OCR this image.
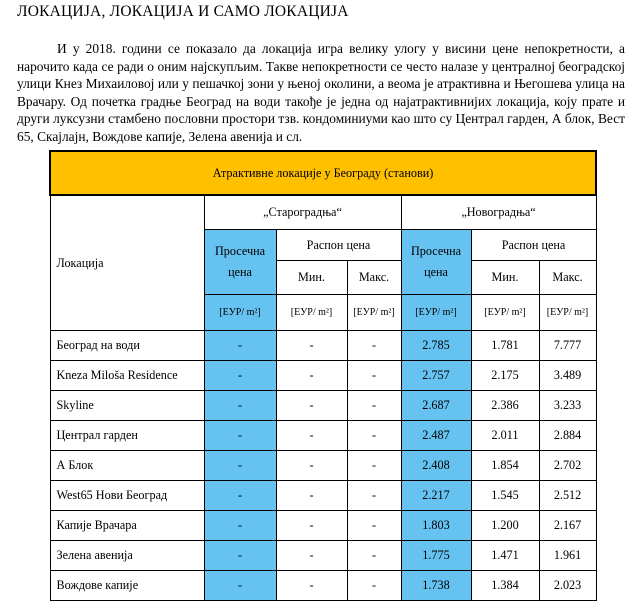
ЛОКАЦИЈА, ЛОКАЦИЈА И САМО ЛОКАЦИЈА
И у 2018. години се показало да локација игра велику улогу у висини цене непокретности, а нарочито када се ради о оним најскупљим. Такве непокретности се често налазе у централној београдској улици Кнез Михаиловој или у пешачкој зони у њеној околини, а веома је атрактивна и Његошева улица на Врачару. Од почетка градње Београд на води такође је једна од најатрактивнијих локација, коју прате и други луксузни стамбено пословни простори тзв. кондоминиуми као што су Централ гарден, А блок, Вест 65, Скајлајн, Вождове капије, Зелена авенија и сл.
Атрактивне локације у Београду (станови)						
Локација	„Староградња“			„Новоградња“		
	Просечна цена	Распон цена		Просечна цена	Распон цена	
		Мин.	Макс.		Мин.	Макс.
	[ЕУР/ m²]	[ЕУР/ m²]	[ЕУР/ m²]	[ЕУР/ m²]	[ЕУР/ m²]	[ЕУР/ m²]
Београд на води	-	-	-	2.785	1.781	7.777
Kneza Miloša Residence	-	-	-	2.757	2.175	3.489
Skyline	-	-	-	2.687	2.386	3.233
Централ гарден	-	-	-	2.487	2.011	2.884
А Блок	-	-	-	2.408	1.854	2.702
West65 Нови Београд	-	-	-	2.217	1.545	2.512
Капије Врачара	-	-	-	1.803	1.200	2.167
Зелена авенија	-	-	-	1.775	1.471	1.961
Вождове капије	-	-	-	1.738	1.384	2.023
